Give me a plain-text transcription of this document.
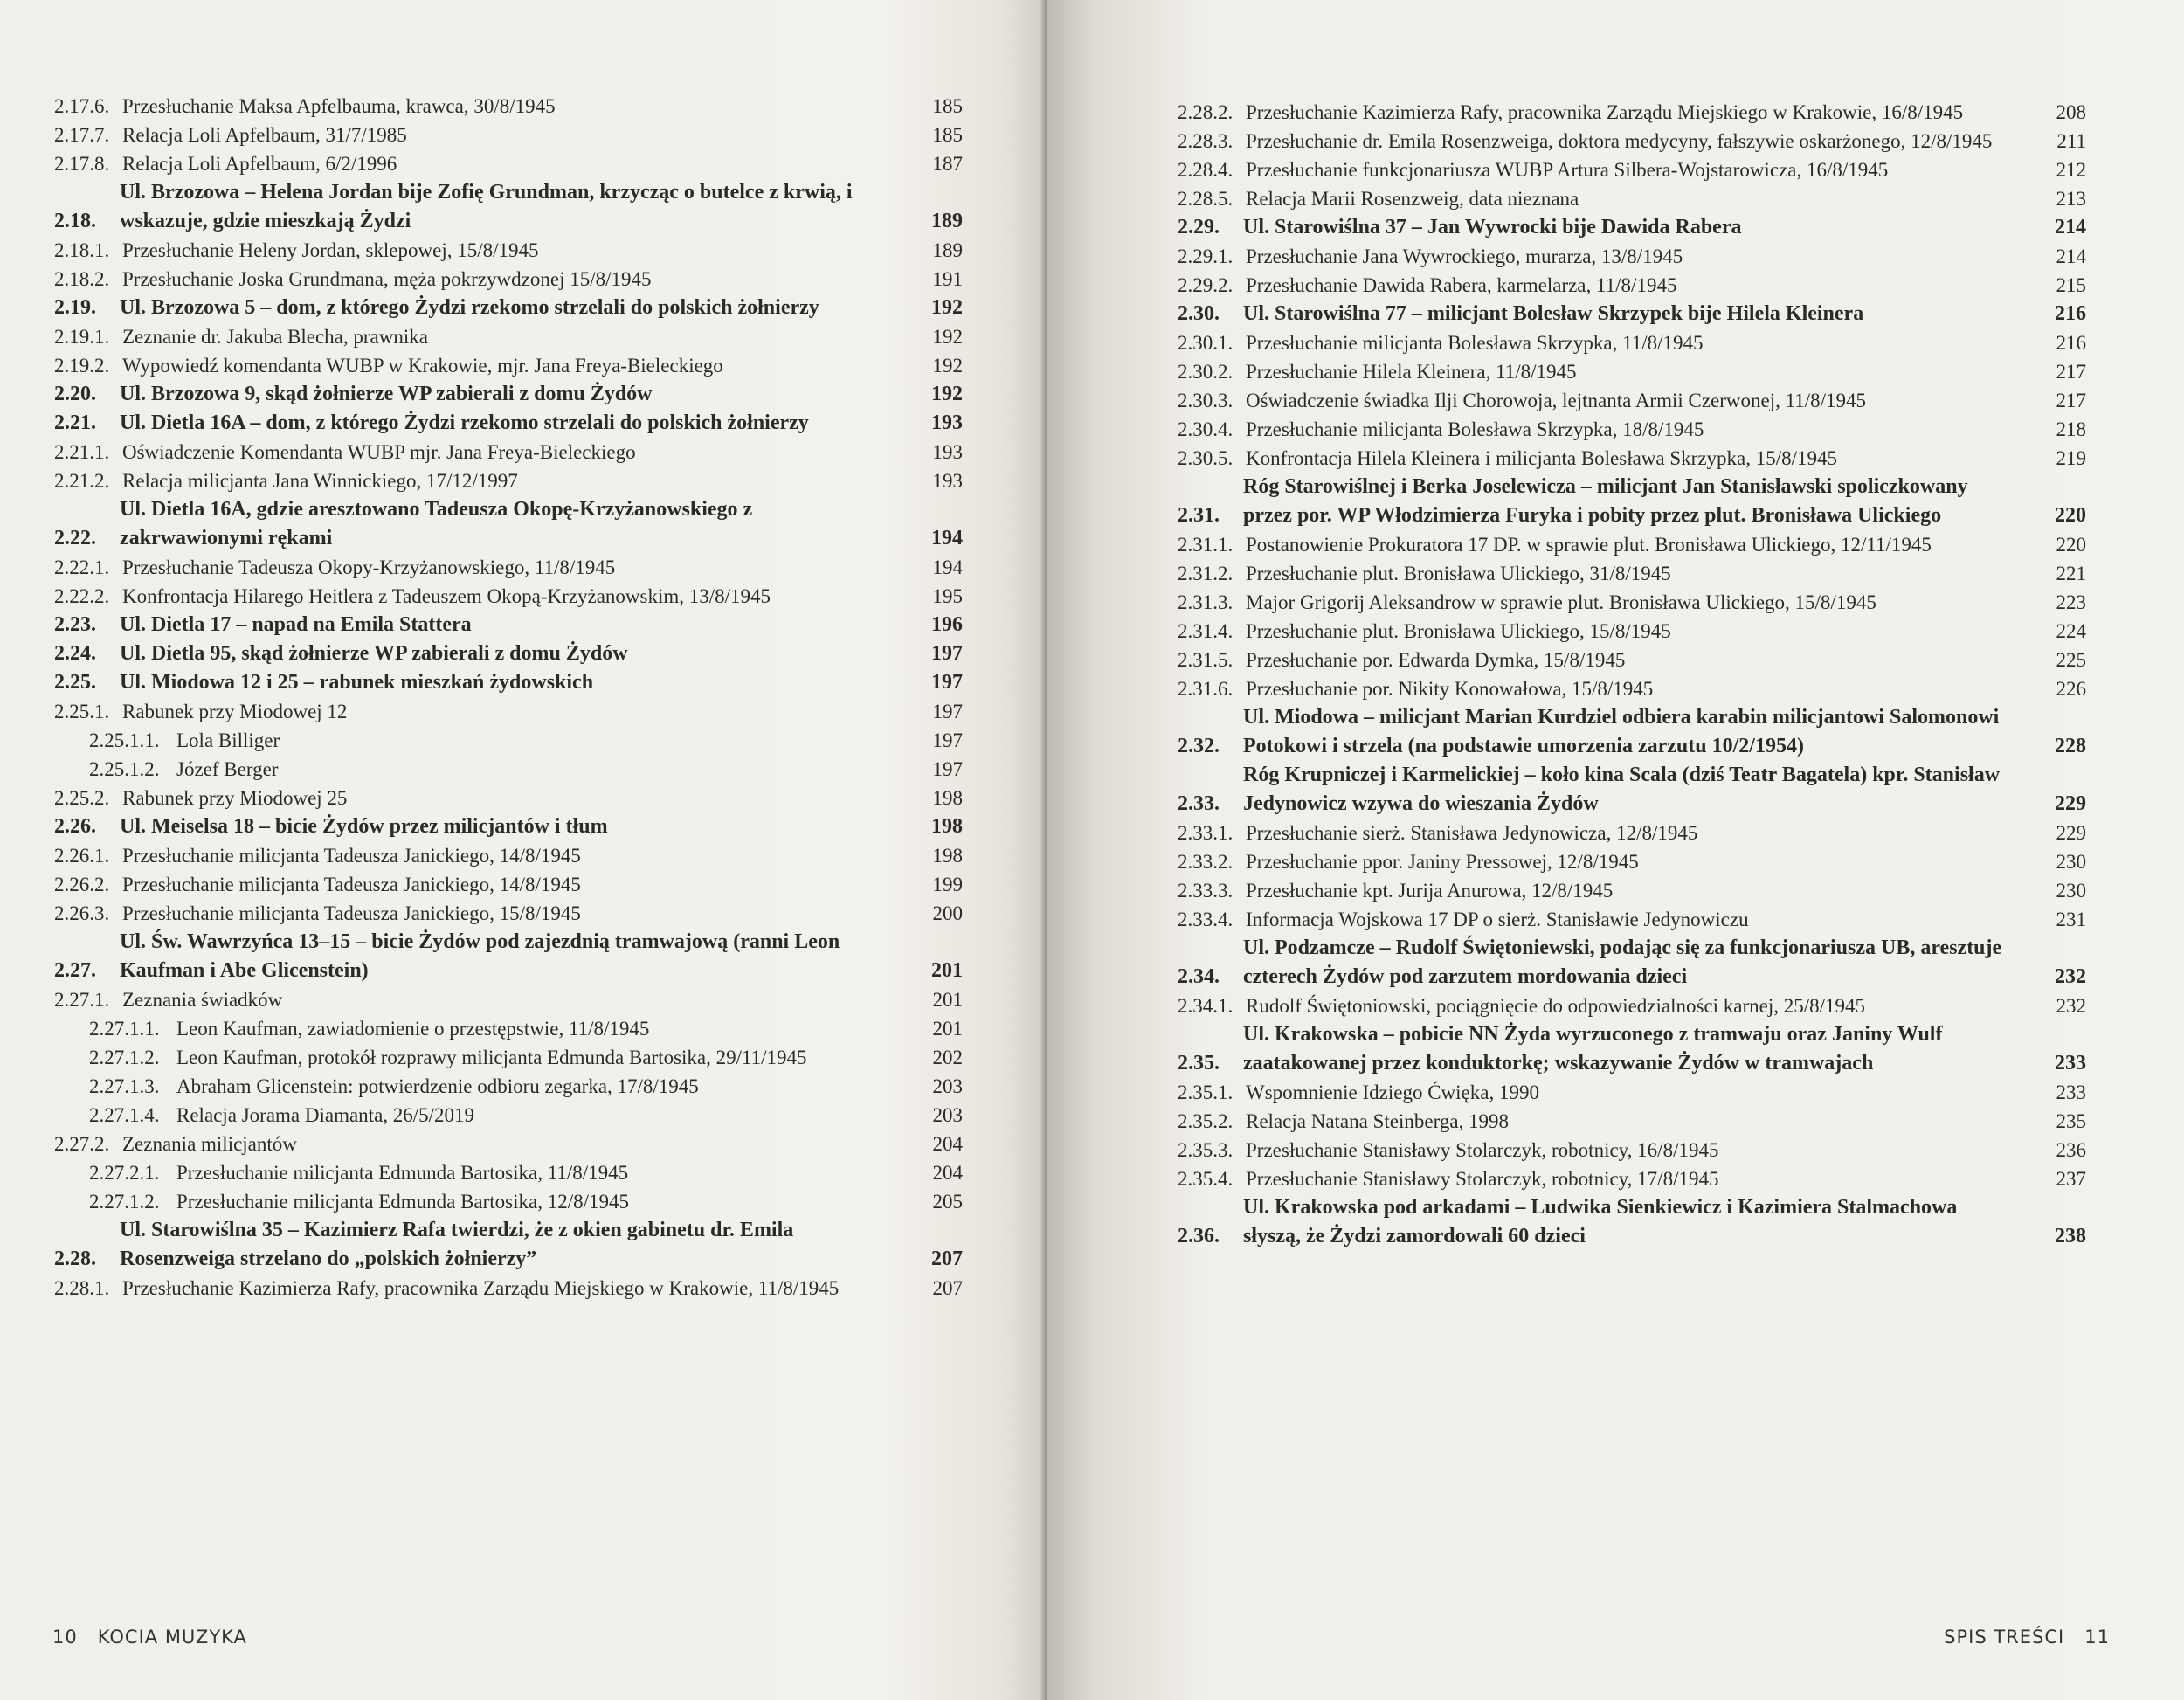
2.17.6. Przesłuchanie Maksa Apfelbauma, krawca, 30/8/1945	185
2.17.7. Relacja Loli Apfelbaum, 31/7/1985	185
2.17.8. Relacja Loli Apfelbaum, 6/2/1996	187
2.18.
Ul. Brzozowa – Helena Jordan bije Zofię Grundman, krzycząc o butelce z krwią, i wskazuje, gdzie mieszkają Żydzi	189
2.18.1. Przesłuchanie Heleny Jordan, sklepowej, 15/8/1945	189
2.18.2. Przesłuchanie Joska Grundmana, męża pokrzywdzonej 15/8/1945	191
2.19.	Ul. Brzozowa 5 – dom, z którego Żydzi rzekomo strzelali do polskich żołnierzy	192
2.19.1. Zeznanie dr. Jakuba Blecha, prawnika	192
2.19.2. Wypowiedź komendanta WUBP w Krakowie, mjr. Jana Freya-Bieleckiego	192
2.20.	Ul. Brzozowa 9, skąd żołnierze WP zabierali z domu Żydów	192
2.21.	Ul. Dietla 16A – dom, z którego Żydzi rzekomo strzelali do polskich żołnierzy	193
2.21.1. Oświadczenie Komendanta WUBP mjr. Jana Freya-Bieleckiego	193
2.21.2. Relacja milicjanta Jana Winnickiego, 17/12/1997	193
2.22.
Ul. Dietla 16A, gdzie aresztowano Tadeusza Okopę-Krzyżanowskiego z zakrwawionymi rękami	194
2.22.1. Przesłuchanie Tadeusza Okopy-Krzyżanowskiego, 11/8/1945	194
2.22.2. Konfrontacja Hilarego Heitlera z Tadeuszem Okopą-Krzyżanowskim, 13/8/1945	195
2.23.	Ul. Dietla 17 – napad na Emila Stattera	196
2.24.	Ul. Dietla 95, skąd żołnierze WP zabierali z domu Żydów	197
2.25.	Ul. Miodowa 12 i 25 – rabunek mieszkań żydowskich	197
2.25.1. Rabunek przy Miodowej 12	197
2.25.1.1. Lola Billiger	197
2.25.1.2. Józef Berger	197
2.25.2. Rabunek przy Miodowej 25	198
2.26.	Ul. Meiselsa 18 – bicie Żydów przez milicjantów i tłum	198
2.26.1. Przesłuchanie milicjanta Tadeusza Janickiego, 14/8/1945	198
2.26.2. Przesłuchanie milicjanta Tadeusza Janickiego, 14/8/1945	199
2.26.3. Przesłuchanie milicjanta Tadeusza Janickiego, 15/8/1945	200
2.27.
Ul. Św. Wawrzyńca 13–15 – bicie Żydów pod zajezdnią tramwajową (ranni Leon Kaufman i Abe Glicenstein)	201
2.27.1. Zeznania świadków	201
2.27.1.1. Leon Kaufman, zawiadomienie o przestępstwie, 11/8/1945	201
2.27.1.2. Leon Kaufman, protokół rozprawy milicjanta Edmunda Bartosika, 29/11/1945	202
2.27.1.3. Abraham Glicenstein: potwierdzenie odbioru zegarka, 17/8/1945	203
2.27.1.4. Relacja Jorama Diamanta, 26/5/2019	203
2.27.2. Zeznania milicjantów	204
2.27.2.1. Przesłuchanie milicjanta Edmunda Bartosika, 11/8/1945	204
2.27.1.2. Przesłuchanie milicjanta Edmunda Bartosika, 12/8/1945	205
2.28.
Ul. Starowiślna 35 – Kazimierz Rafa twierdzi, że z okien gabinetu dr. Emila Rosenzweiga strzelano do „polskich żołnierzy”	207
2.28.1. Przesłuchanie Kazimierza Rafy, pracownika Zarządu Miejskiego w Krakowie, 11/8/1945	207
10 KOCIA MUZYKA
2.28.2. Przesłuchanie Kazimierza Rafy, pracownika Zarządu Miejskiego w Krakowie, 16/8/1945	208
2.28.3. Przesłuchanie dr. Emila Rosenzweiga, doktora medycyny, fałszywie oskarżonego, 12/8/1945	211
2.28.4. Przesłuchanie funkcjonariusza WUBP Artura Silbera-Wojstarowicza, 16/8/1945	212
2.28.5. Relacja Marii Rosenzweig, data nieznana	213
2.29.	Ul. Starowiślna 37 – Jan Wywrocki bije Dawida Rabera	214
2.29.1. Przesłuchanie Jana Wywrockiego, murarza, 13/8/1945	214
2.29.2. Przesłuchanie Dawida Rabera, karmelarza, 11/8/1945	215
2.30.	Ul. Starowiślna 77 – milicjant Bolesław Skrzypek bije Hilela Kleinera	216
2.30.1. Przesłuchanie milicjanta Bolesława Skrzypka, 11/8/1945	216
2.30.2. Przesłuchanie Hilela Kleinera, 11/8/1945	217
2.30.3. Oświadczenie świadka Ilji Chorowoja, lejtnanta Armii Czerwonej, 11/8/1945	217
2.30.4. Przesłuchanie milicjanta Bolesława Skrzypka, 18/8/1945	218
2.30.5. Konfrontacja Hilela Kleinera i milicjanta Bolesława Skrzypka, 15/8/1945	219
2.31.
Róg Starowiślnej i Berka Joselewicza – milicjant Jan Stanisławski spoliczkowany przez por. WP Włodzimierza Furyka i pobity przez plut. Bronisława Ulickiego	220
2.31.1. Postanowienie Prokuratora 17 DP. w sprawie plut. Bronisława Ulickiego, 12/11/1945	220
2.31.2. Przesłuchanie plut. Bronisława Ulickiego, 31/8/1945	221
2.31.3. Major Grigorij Aleksandrow w sprawie plut. Bronisława Ulickiego, 15/8/1945	223
2.31.4. Przesłuchanie plut. Bronisława Ulickiego, 15/8/1945	224
2.31.5. Przesłuchanie por. Edwarda Dymka, 15/8/1945	225
2.31.6. Przesłuchanie por. Nikity Konowałowa, 15/8/1945	226
2.32.
Ul. Miodowa – milicjant Marian Kurdziel odbiera karabin milicjantowi Salomonowi Potokowi i strzela (na podstawie umorzenia zarzutu 10/2/1954)	228
2.33.
Róg Krupniczej i Karmelickiej – koło kina Scala (dziś Teatr Bagatela) kpr. Stanisław Jedynowicz wzywa do wieszania Żydów	229
2.33.1. Przesłuchanie sierż. Stanisława Jedynowicza, 12/8/1945	229
2.33.2. Przesłuchanie ppor. Janiny Pressowej, 12/8/1945	230
2.33.3. Przesłuchanie kpt. Jurija Anurowa, 12/8/1945	230
2.33.4. Informacja Wojskowa 17 DP o sierż. Stanisławie Jedynowiczu	231
2.34.
Ul. Podzamcze – Rudolf Świętoniewski, podając się za funkcjonariusza UB, aresztuje czterech Żydów pod zarzutem mordowania dzieci	232
2.34.1. Rudolf Świętoniowski, pociągnięcie do odpowiedzialności karnej, 25/8/1945	232
2.35.
Ul. Krakowska – pobicie NN Żyda wyrzuconego z tramwaju oraz Janiny Wulf zaatakowanej przez konduktorkę; wskazywanie Żydów w tramwajach	233
2.35.1. Wspomnienie Idziego Ćwięka, 1990	233
2.35.2. Relacja Natana Steinberga, 1998	235
2.35.3. Przesłuchanie Stanisławy Stolarczyk, robotnicy, 16/8/1945	236
2.35.4. Przesłuchanie Stanisławy Stolarczyk, robotnicy, 17/8/1945	237
2.36.
Ul. Krakowska pod arkadami – Ludwika Sienkiewicz i Kazimiera Stalmachowa słyszą, że Żydzi zamordowali 60 dzieci	238
SPIS TREŚCI 11
